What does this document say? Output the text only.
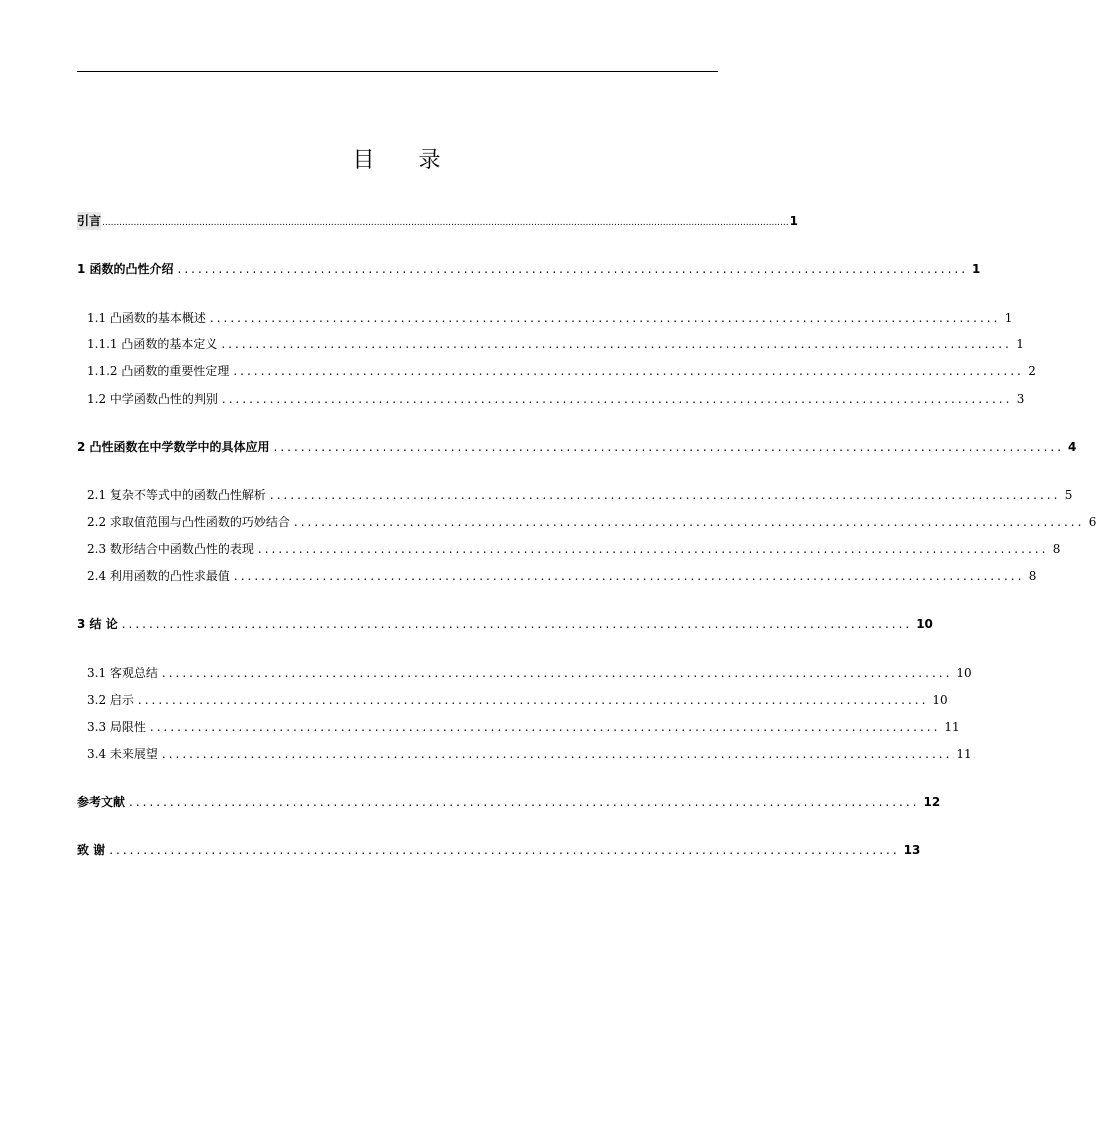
目录
引言 ................................................................................................................................................................................................................................................ 1
1 函数的凸性介绍 .................................................................................................................... 1
1.1 凸函数的基本概述 .................................................................................................................... 1
1.1.1 凸函数的基本定义 .................................................................................................................... 1
1.1.2 凸函数的重要性定理 .................................................................................................................... 2
1.2 中学函数凸性的判别 .................................................................................................................... 3
2 凸性函数在中学数学中的具体应用 .................................................................................................................... 4
2.1 复杂不等式中的函数凸性解析 .................................................................................................................... 5
2.2 求取值范围与凸性函数的巧妙结合 .................................................................................................................... 6
2.3 数形结合中函数凸性的表现 .................................................................................................................... 8
2.4 利用函数的凸性求最值 .................................................................................................................... 8
3 结 论 .................................................................................................................... 10
3.1 客观总结 .................................................................................................................... 10
3.2 启示 .................................................................................................................... 10
3.3 局限性 .................................................................................................................... 11
3.4 未来展望 .................................................................................................................... 11
参考文献 .................................................................................................................... 12
致 谢 .................................................................................................................... 13
